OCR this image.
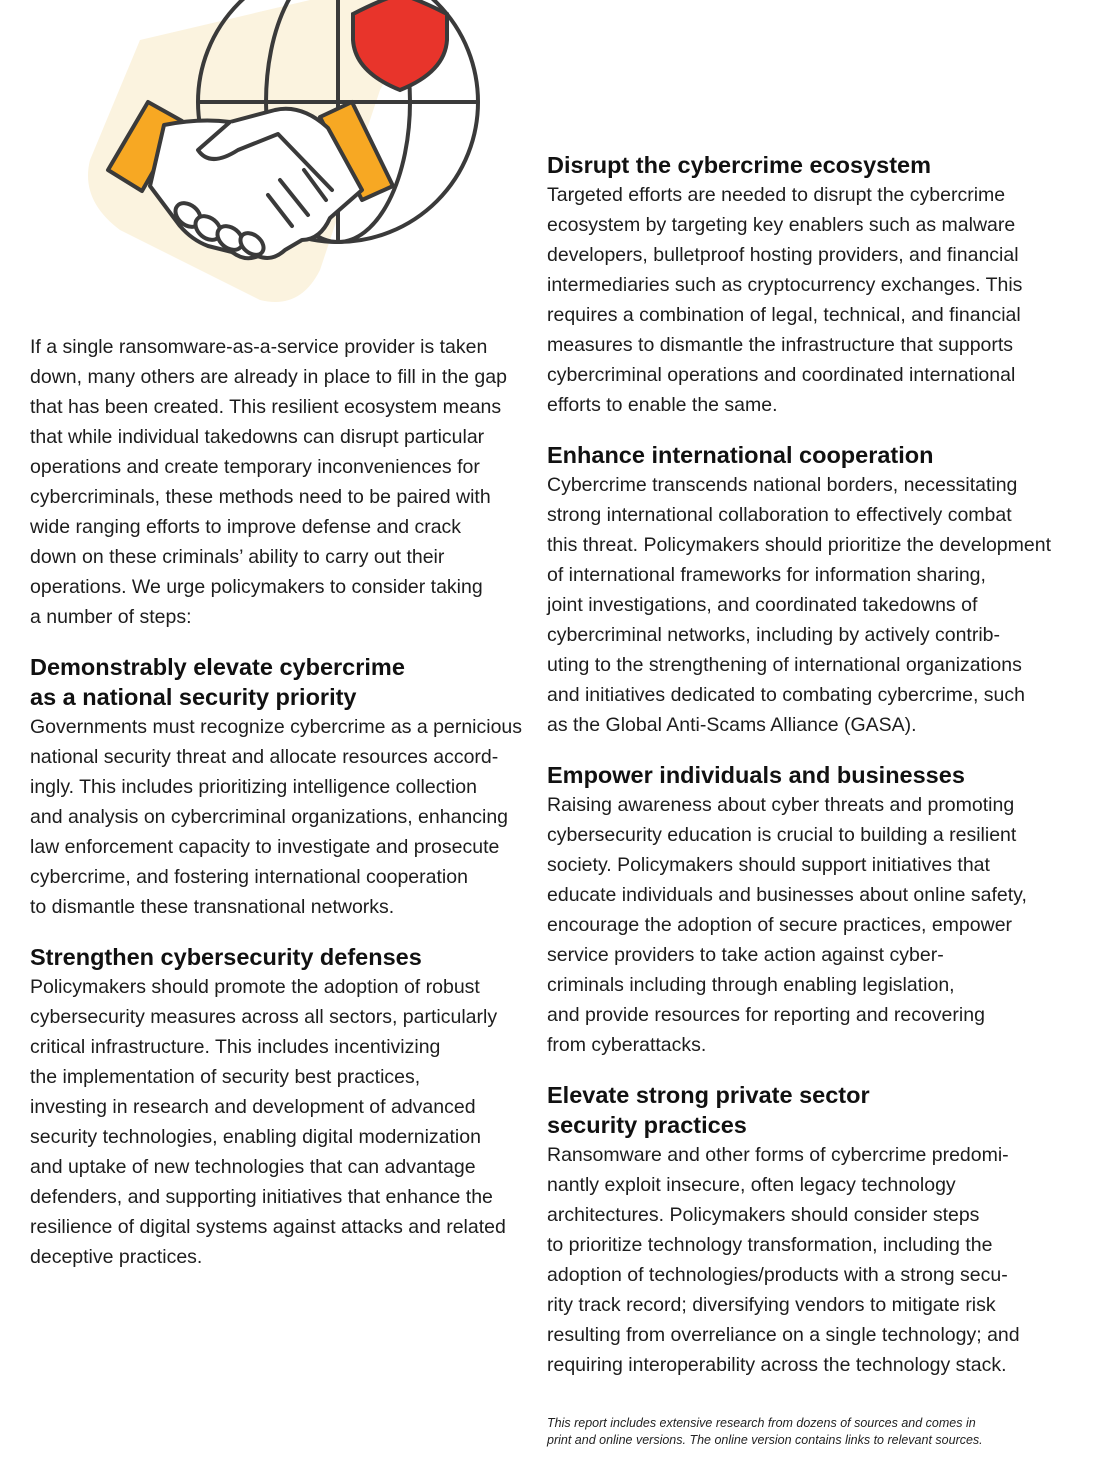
If a single ransomware-as-a-service provider is taken
down, many others are already in place to fill in the gap
that has been created. This resilient ecosystem means
that while individual takedowns can disrupt particular
operations and create temporary inconveniences for
cybercriminals, these methods need to be paired with
wide ranging efforts to improve defense and crack
down on these criminals’ ability to carry out their
operations. We urge policymakers to consider taking
a number of steps:

Demonstrably elevate cybercrime
as a national security priority

Governments must recognize cybercrime as a pernicious
national security threat and allocate resources accord-
ingly. This includes prioritizing intelligence collection
and analysis on cybercriminal organizations, enhancing
law enforcement capacity to investigate and prosecute
cybercrime, and fostering international cooperation
to dismantle these transnational networks.

Strengthen cybersecurity defenses

Policymakers should promote the adoption of robust
cybersecurity measures across all sectors, particularly
critical infrastructure. This includes incentivizing
the implementation of security best practices,
investing in research and development of advanced
security technologies, enabling digital modernization
and uptake of new technologies that can advantage
defenders, and supporting initiatives that enhance the
resilience of digital systems against attacks and related
deceptive practices.

Disrupt the cybercrime ecosystem

Targeted efforts are needed to disrupt the cybercrime
ecosystem by targeting key enablers such as malware
developers, bulletproof hosting providers, and financial
intermediaries such as cryptocurrency exchanges. This
requires a combination of legal, technical, and financial
measures to dismantle the infrastructure that supports
cybercriminal operations and coordinated international
efforts to enable the same.

Enhance international cooperation

Cybercrime transcends national borders, necessitating
strong international collaboration to effectively combat
this threat. Policymakers should prioritize the development
of international frameworks for information sharing,
joint investigations, and coordinated takedowns of
cybercriminal networks, including by actively contrib-
uting to the strengthening of international organizations
and initiatives dedicated to combating cybercrime, such
as the Global Anti-Scams Alliance (GASA).

Empower individuals and businesses

Raising awareness about cyber threats and promoting
cybersecurity education is crucial to building a resilient
society. Policymakers should support initiatives that
educate individuals and businesses about online safety,
encourage the adoption of secure practices, empower
service providers to take action against cyber-
criminals including through enabling legislation,
and provide resources for reporting and recovering
from cyberattacks.

Elevate strong private sector
security practices

Ransomware and other forms of cybercrime predomi-
nantly exploit insecure, often legacy technology
architectures. Policymakers should consider steps
to prioritize technology transformation, including the
adoption of technologies/products with a strong secu-
rity track record; diversifying vendors to mitigate risk
resulting from overreliance on a single technology; and
requiring interoperability across the technology stack.

This report includes extensive research from dozens of sources and comes in
print and online versions. The online version contains links to relevant sources.
